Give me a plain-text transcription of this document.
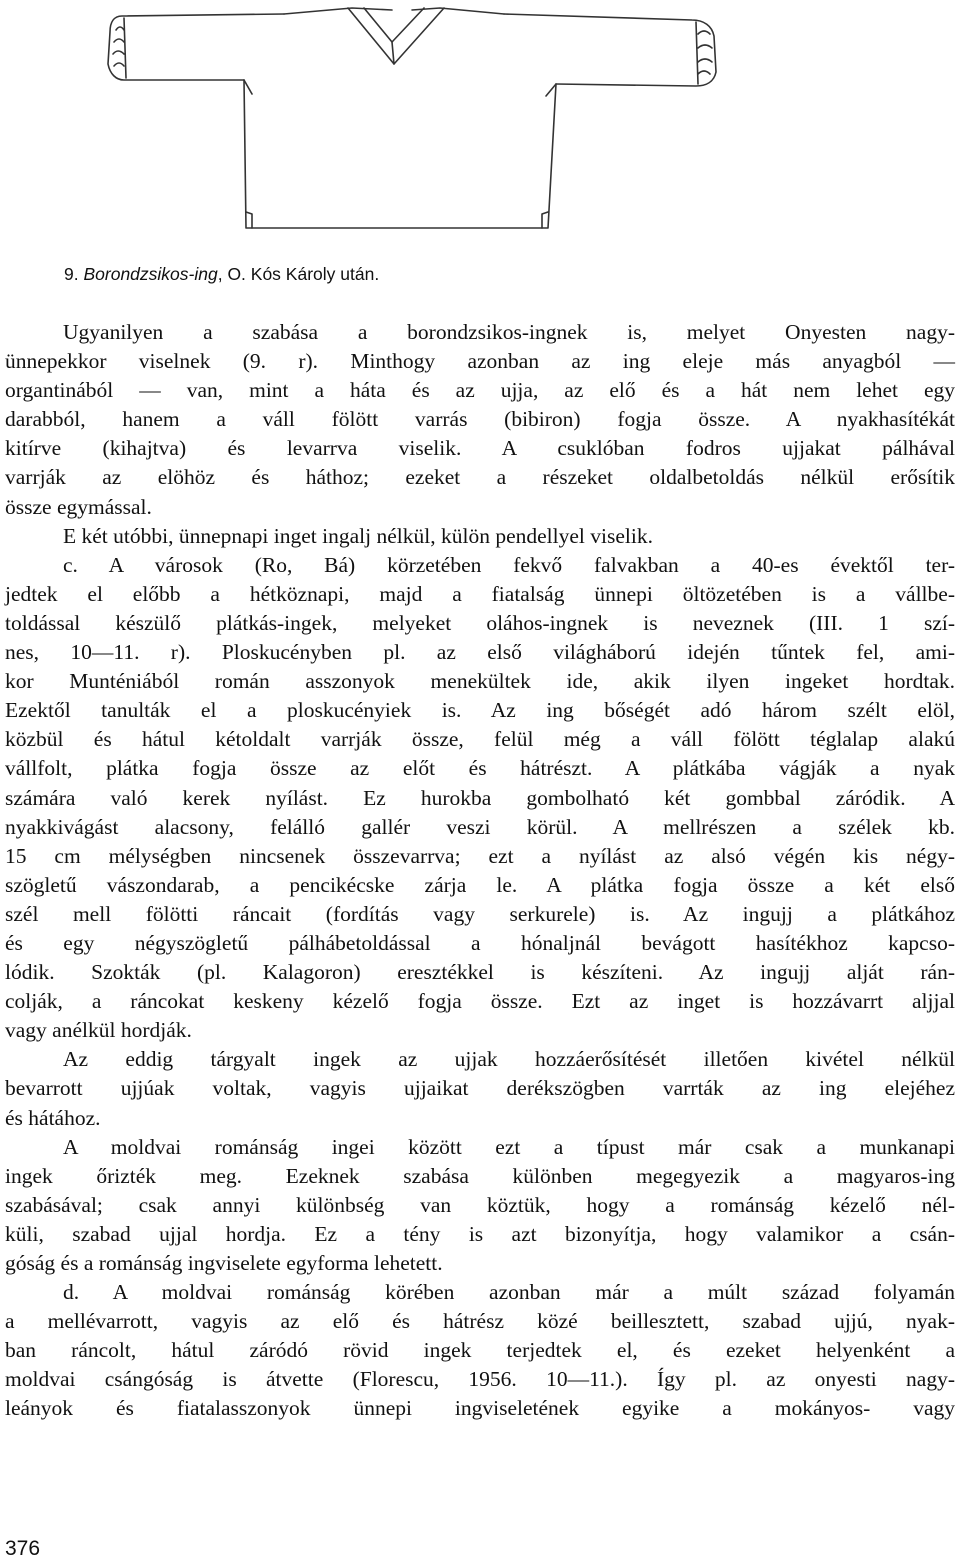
9. Borondzsikos-ing, O. Kós Károly után.
Ugyanilyen a szabása a borondzsikos-ingnek is, melyet Onyesten nagy-
ünnepekkor viselnek (9. r). Minthogy azonban az ing eleje más anyagból —
organtinából — van, mint a háta és az ujja, az elő és a hát nem lehet egy
darabból, hanem a váll fölött varrás (bibiron) fogja össze. A nyakhasítékát
kitírve (kihajtva) és levarrva viselik. A csuklóban fodros ujjakat pálhával
varrják az elöhöz és háthoz; ezeket a részeket oldalbetoldás nélkül erősítik
össze egymással.
E két utóbbi, ünnepnapi inget ingalj nélkül, külön pendellyel viselik.
c. A városok (Ro, Bá) körzetében fekvő falvakban a 40-es évektől ter-
jedtek el előbb a hétköznapi, majd a fiatalság ünnepi öltözetében is a vállbe-
toldással készülő plátkás-ingek, melyeket oláhos-ingnek is neveznek (III. 1 szí-
nes, 10—11. r). Ploskucényben pl. az első világháború idején tűntek fel, ami-
kor Munténiából román asszonyok menekültek ide, akik ilyen ingeket hordtak.
Ezektől tanulták el a ploskucényiek is. Az ing bőségét adó három szélt elöl,
közbül és hátul kétoldalt varrják össze, felül még a váll fölött téglalap alakú
vállfolt, plátka fogja össze az előt és hátrészt. A plátkába vágják a nyak
számára való kerek nyílást. Ez hurokba gombolható két gombbal záródik. A
nyakkivágást alacsony, felálló gallér veszi körül. A mellrészen a szélek kb.
15 cm mélységben nincsenek összevarrva; ezt a nyílást az alsó végén kis négy-
szögletű vászondarab, a pencikécske zárja le. A plátka fogja össze a két első
szél mell fölötti ráncait (fordítás vagy serkurele) is. Az ingujj a plátkához
és egy négyszögletű pálhábetoldással a hónaljnál bevágott hasítékhoz kapcso-
lódik. Szokták (pl. Kalagoron) eresztékkel is készíteni. Az ingujj alját rán-
colják, a ráncokat keskeny kézelő fogja össze. Ezt az inget is hozzávarrt aljjal
vagy anélkül hordják.
Az eddig tárgyalt ingek az ujjak hozzáerősítését illetően kivétel nélkül
bevarrott ujjúak voltak, vagyis ujjaikat derékszögben varrták az ing elejéhez
és hátához.
A moldvai románság ingei között ezt a típust már csak a munkanapi
ingek őrizték meg. Ezeknek szabása különben megegyezik a magyaros-ing
szabásával; csak annyi különbség van köztük, hogy a románság kézelő nél-
küli, szabad ujjal hordja. Ez a tény is azt bizonyítja, hogy valamikor a csán-
góság és a románság ingviselete egyforma lehetett.
d. A moldvai románság körében azonban már a múlt század folyamán
a mellévarrott, vagyis az elő és hátrész közé beillesztett, szabad ujjú, nyak-
ban ráncolt, hátul záródó rövid ingek terjedtek el, és ezeket helyenként a
moldvai csángóság is átvette (Florescu, 1956. 10—11.). Így pl. az onyesti nagy-
leányok és fiatalasszonyok ünnepi ingviseletének egyike a mokányos- vagy
376
